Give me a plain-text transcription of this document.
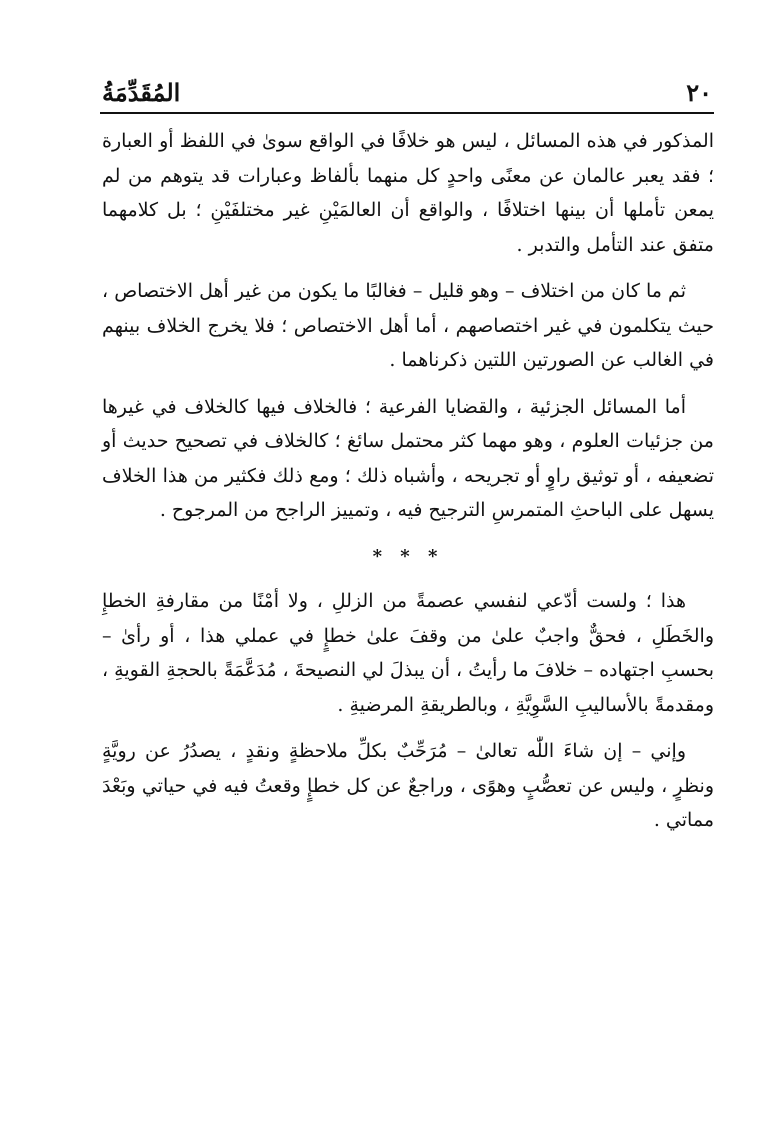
٢٠
المُقَدِّمَةُ

المذكور في هذه المسائل ، ليس هو خلافًا في الواقع سوىٰ في اللفظ أو العبارة ؛ فقد يعبر عالمان عن معنًى واحدٍ كل منهما بألفاظ وعبارات قد يتوهم من لم يمعن تأملها أن بينها اختلافًا ، والواقع أن العالمَيْنِ غير مختلفَيْنِ ؛ بل كلامهما متفق عند التأمل والتدبر .

ثم ما كان من اختلاف – وهو قليل – فغالبًا ما يكون من غير أهل الاختصاص ، حيث يتكلمون في غير اختصاصهم ، أما أهل الاختصاص ؛ فلا يخرج الخلاف بينهم في الغالب عن الصورتين اللتين ذكرناهما .

أما المسائل الجزئية ، والقضايا الفرعية ؛ فالخلاف فيها كالخلاف في غيرها من جزئيات العلوم ، وهو مهما كثر محتمل سائغ ؛ كالخلاف في تصحيح حديث أو تضعيفه ، أو توثيق راوٍ أو تجريحه ، وأشباه ذلك ؛ ومع ذلك فكثير من هذا الخلاف يسهل على الباحثِ المتمرسِ الترجيح فيه ، وتمييز الراجح من المرجوح .

* * *

هذا ؛ ولست أدّعي لنفسي عصمةً من الزللِ ، ولا أمْنًا من مقارفةِ الخطإِ والخَطَلِ ، فحقٌّ واجبٌ علىٰ من وقفَ علىٰ خطإٍ في عملي هذا ، أو رأىٰ – بحسبِ اجتهاده – خلافَ ما رأيتُ ، أن يبذلَ لي النصيحةَ ، مُدَعَّمَةً بالحجةِ القويةِ ، ومقدمةً بالأساليبِ السَّوِيَّةِ ، وبالطريقةِ المرضيةِ .

وإني – إن شاءَ اللّٰه تعالىٰ – مُرَحِّبٌ بكلِّ ملاحظةٍ ونقدٍ ، يصدُرُ عن رويَّةٍ ونظرٍ ، وليس عن تعصُّبٍ وهوًى ، وراجعٌ عن كل خطإٍ وقعتُ فيه في حياتي وبَعْدَ مماتي .
